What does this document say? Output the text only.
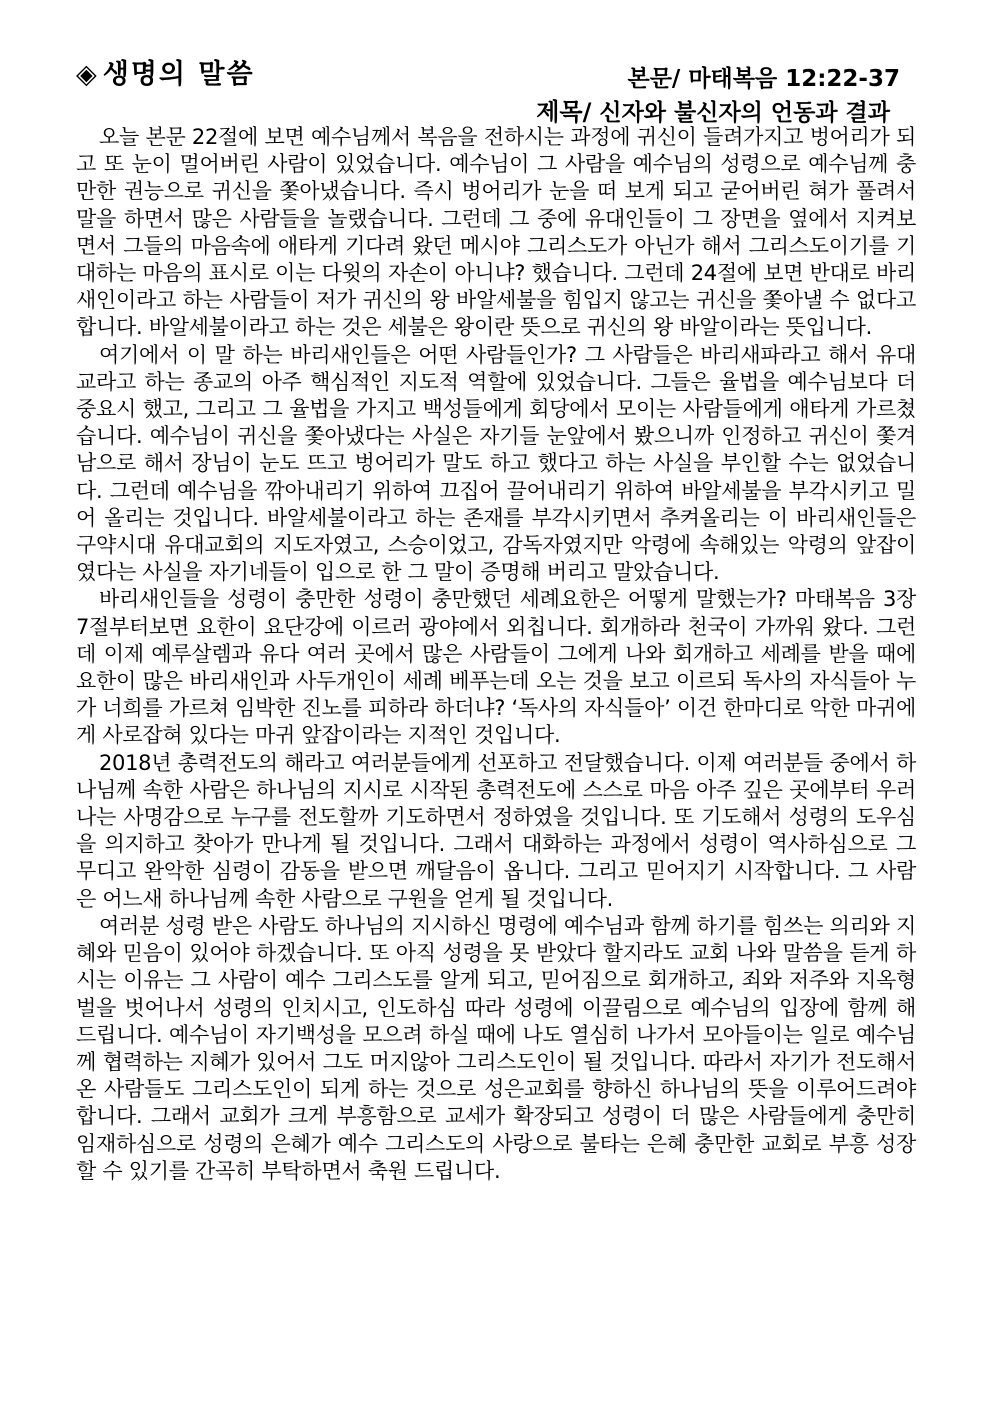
◈ 생명의 말씀	본문/ 마태복음 12:22-37
제목/ 신자와 불신자의 언동과 결과

오늘 본문 22절에 보면 예수님께서 복음을 전하시는 과정에 귀신이 들려가지고 벙어리가 되고 또 눈이 멀어버린 사람이 있었습니다. 예수님이 그 사람을 예수님의 성령으로 예수님께 충만한 권능으로 귀신을 쫓아냈습니다. 즉시 벙어리가 눈을 떠 보게 되고 굳어버린 혀가 풀려서 말을 하면서 많은 사람들을 놀랬습니다. 그런데 그 중에 유대인들이 그 장면을 옆에서 지켜보면서 그들의 마음속에 애타게 기다려 왔던 메시야 그리스도가 아닌가 해서 그리스도이기를 기대하는 마음의 표시로 이는 다윗의 자손이 아니냐? 했습니다. 그런데 24절에 보면 반대로 바리새인이라고 하는 사람들이 저가 귀신의 왕 바알세불을 힘입지 않고는 귀신을 쫓아낼 수 없다고 합니다. 바알세불이라고 하는 것은 세불은 왕이란 뜻으로 귀신의 왕 바알이라는 뜻입니다.

여기에서 이 말 하는 바리새인들은 어떤 사람들인가? 그 사람들은 바리새파라고 해서 유대교라고 하는 종교의 아주 핵심적인 지도적 역할에 있었습니다. 그들은 율법을 예수님보다 더 중요시 했고, 그리고 그 율법을 가지고 백성들에게 회당에서 모이는 사람들에게 애타게 가르쳤습니다. 예수님이 귀신을 쫓아냈다는 사실은 자기들 눈앞에서 봤으니까 인정하고 귀신이 쫓겨남으로 해서 장님이 눈도 뜨고 벙어리가 말도 하고 했다고 하는 사실을 부인할 수는 없었습니다. 그런데 예수님을 깎아내리기 위하여 끄집어 끌어내리기 위하여 바알세불을 부각시키고 밀어 올리는 것입니다. 바알세불이라고 하는 존재를 부각시키면서 추켜올리는 이 바리새인들은 구약시대 유대교회의 지도자였고, 스승이었고, 감독자였지만 악령에 속해있는 악령의 앞잡이였다는 사실을 자기네들이 입으로 한 그 말이 증명해 버리고 말았습니다.

바리새인들을 성령이 충만한 성령이 충만했던 세례요한은 어떻게 말했는가? 마태복음 3장 7절부터보면 요한이 요단강에 이르러 광야에서 외칩니다. 회개하라 천국이 가까워 왔다. 그런데 이제 예루살렘과 유다 여러 곳에서 많은 사람들이 그에게 나와 회개하고 세례를 받을 때에 요한이 많은 바리새인과 사두개인이 세례 베푸는데 오는 것을 보고 이르되 독사의 자식들아 누가 너희를 가르쳐 임박한 진노를 피하라 하더냐? ‘독사의 자식들아’ 이건 한마디로 악한 마귀에게 사로잡혀 있다는 마귀 앞잡이라는 지적인 것입니다.

2018년 총력전도의 해라고 여러분들에게 선포하고 전달했습니다. 이제 여러분들 중에서 하나님께 속한 사람은 하나님의 지시로 시작된 총력전도에 스스로 마음 아주 깊은 곳에부터 우러나는 사명감으로 누구를 전도할까 기도하면서 정하였을 것입니다. 또 기도해서 성령의 도우심을 의지하고 찾아가 만나게 될 것입니다. 그래서 대화하는 과정에서 성령이 역사하심으로 그 무디고 완악한 심령이 감동을 받으면 깨달음이 옵니다. 그리고 믿어지기 시작합니다. 그 사람은 어느새 하나님께 속한 사람으로 구원을 얻게 될 것입니다.

여러분 성령 받은 사람도 하나님의 지시하신 명령에 예수님과 함께 하기를 힘쓰는 의리와 지혜와 믿음이 있어야 하겠습니다. 또 아직 성령을 못 받았다 할지라도 교회 나와 말씀을 듣게 하시는 이유는 그 사람이 예수 그리스도를 알게 되고, 믿어짐으로 회개하고, 죄와 저주와 지옥형벌을 벗어나서 성령의 인치시고, 인도하심 따라 성령에 이끌림으로 예수님의 입장에 함께 해 드립니다. 예수님이 자기백성을 모으려 하실 때에 나도 열심히 나가서 모아들이는 일로 예수님께 협력하는 지혜가 있어서 그도 머지않아 그리스도인이 될 것입니다. 따라서 자기가 전도해서 온 사람들도 그리스도인이 되게 하는 것으로 성은교회를 향하신 하나님의 뜻을 이루어드려야 합니다. 그래서 교회가 크게 부흥함으로 교세가 확장되고 성령이 더 많은 사람들에게 충만히 임재하심으로 성령의 은혜가 예수 그리스도의 사랑으로 불타는 은혜 충만한 교회로 부흥 성장할 수 있기를 간곡히 부탁하면서 축원 드립니다.
